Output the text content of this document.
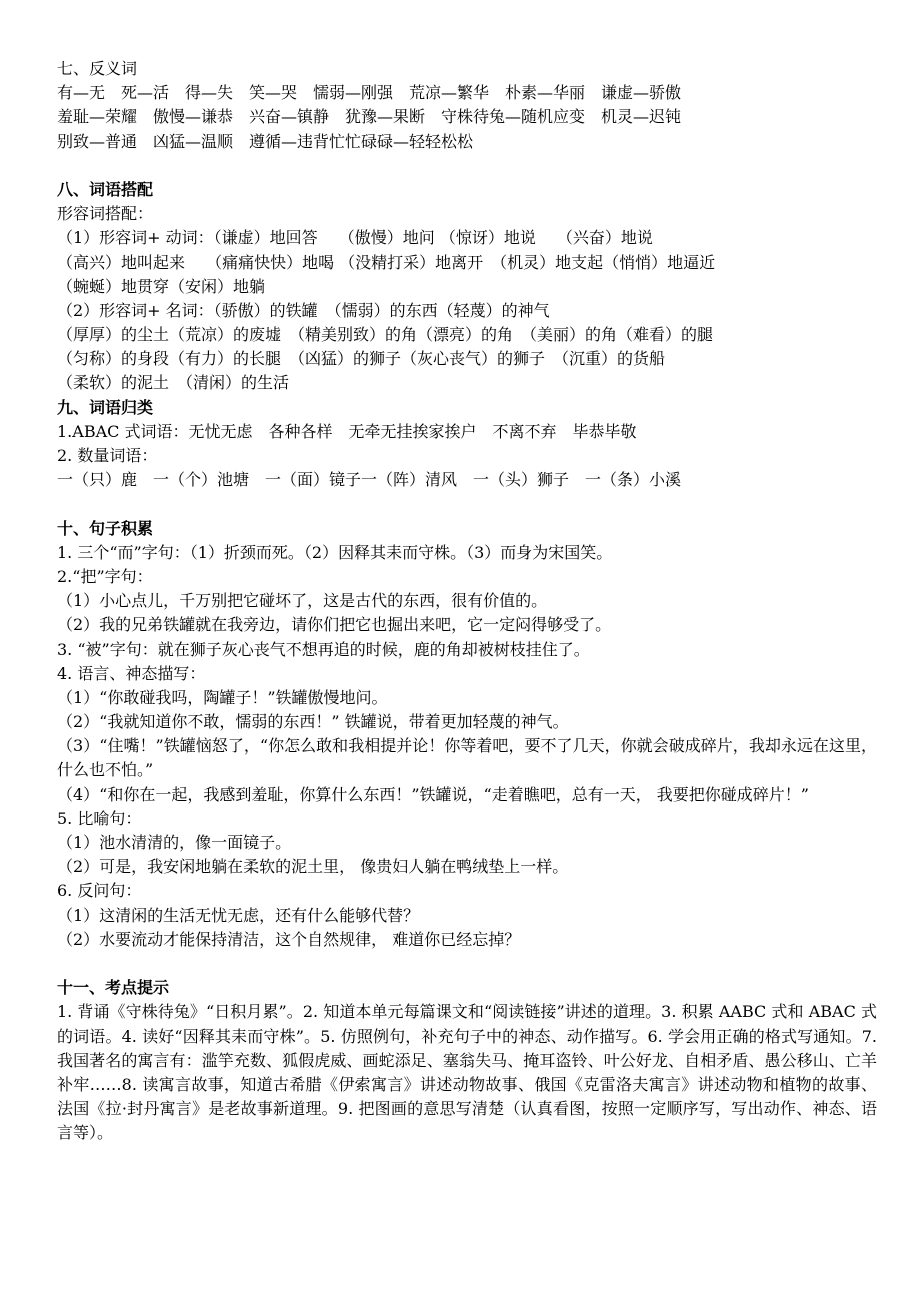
七、反义词
有—无　死—活　得—失　笑—哭　懦弱—刚强　荒凉—繁华　朴素—华丽　谦虚—骄傲
羞耻—荣耀　傲慢—谦恭　兴奋—镇静　犹豫—果断　守株待兔—随机应变　机灵—迟钝
别致—普通　凶猛—温顺　遵循—违背忙忙碌碌—轻轻松松
八、词语搭配
形容词搭配：
（1）形容词+ 动词：（谦虚）地回答　 （傲慢）地问 （惊讶）地说　 （兴奋）地说
（高兴）地叫起来　 （痛痛快快）地喝 （没精打采）地离开　（机灵）地支起（悄悄）地逼近
（蜿蜒）地贯穿（安闲）地躺
（2）形容词+ 名词：（骄傲）的铁罐　（懦弱）的东西（轻蔑）的神气
（厚厚）的尘土（荒凉）的废墟　（精美别致）的角（漂亮）的角　（美丽）的角（难看）的腿
（匀称）的身段（有力）的长腿　（凶猛）的狮子（灰心丧气）的狮子　（沉重）的货船
（柔软）的泥土　（清闲）的生活
九、词语归类
1.ABAC 式词语：无忧无虑　各种各样　无牵无挂挨家挨户　不离不弃　毕恭毕敬
2. 数量词语：
一（只）鹿　一（个）池塘　一（面）镜子一（阵）清风　一（头）狮子　一（条）小溪
十、句子积累
1. 三个“而”字句：（1）折颈而死。（2）因释其耒而守株。（3）而身为宋国笑。
2.“把”字句：
（1）小心点儿，千万别把它碰坏了，这是古代的东西，很有价值的。
（2）我的兄弟铁罐就在我旁边，请你们把它也掘出来吧，它一定闷得够受了。
3. “被”字句：就在狮子灰心丧气不想再追的时候，鹿的角却被树枝挂住了。
4. 语言、神态描写：
（1）“你敢碰我吗，陶罐子！”铁罐傲慢地问。
（2）“我就知道你不敢，懦弱的东西！” 铁罐说，带着更加轻蔑的神气。
（3）“住嘴！”铁罐恼怒了，“你怎么敢和我相提并论！你等着吧，要不了几天，你就会破成碎片，我却永远在这里，什么也不怕。”
（4）“和你在一起，我感到羞耻，你算什么东西！”铁罐说，“走着瞧吧，总有一天， 我要把你碰成碎片！”
5. 比喻句：
（1）池水清清的，像一面镜子。
（2）可是，我安闲地躺在柔软的泥土里， 像贵妇人躺在鸭绒垫上一样。
6. 反问句：
（1）这清闲的生活无忧无虑，还有什么能够代替？
（2）水要流动才能保持清洁，这个自然规律， 难道你已经忘掉？
十一、考点提示
1. 背诵《守株待兔》“日积月累”。2. 知道本单元每篇课文和“阅读链接”讲述的道理。3. 积累 AABC 式和 ABAC 式的词语。4. 读好“因释其耒而守株”。5. 仿照例句，补充句子中的神态、动作描写。6. 学会用正确的格式写通知。7. 我国著名的寓言有：滥竽充数、狐假虎威、画蛇添足、塞翁失马、掩耳盗铃、叶公好龙、自相矛盾、愚公移山、亡羊补牢……8. 读寓言故事，知道古希腊《伊索寓言》讲述动物故事、俄国《克雷洛夫寓言》讲述动物和植物的故事、法国《拉·封丹寓言》是老故事新道理。9. 把图画的意思写清楚（认真看图，按照一定顺序写，写出动作、神态、语言等）。
